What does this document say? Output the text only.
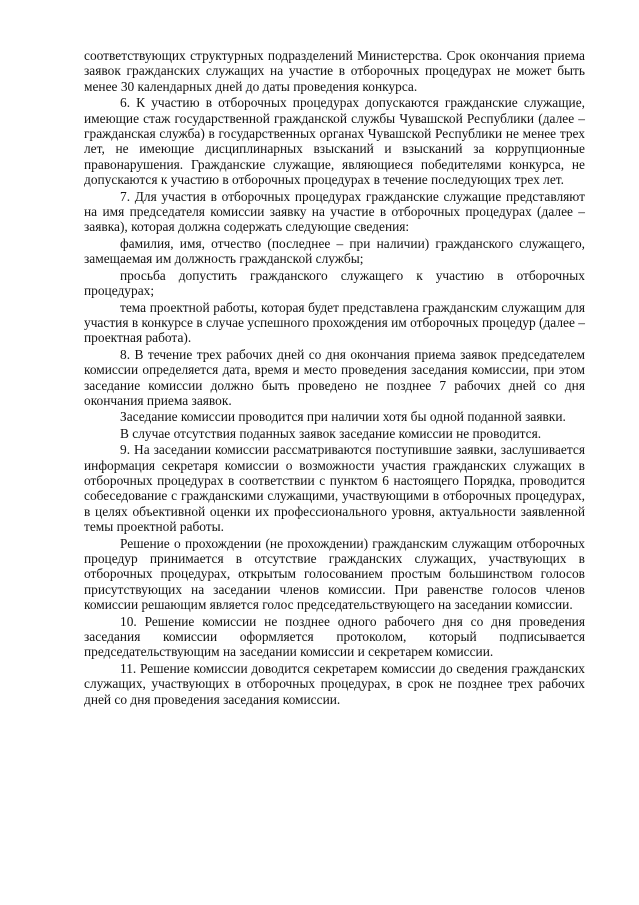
соответствующих структурных подразделений Министерства. Срок окончания приема заявок гражданских служащих на участие в отборочных процедурах не может быть менее 30 календарных дней до даты проведения конкурса.

6. К участию в отборочных процедурах допускаются гражданские служащие, имеющие стаж государственной гражданской службы Чувашской Республики (далее – гражданская служба) в государственных органах Чувашской Республики не менее трех лет, не имеющие дисциплинарных взысканий и взысканий за коррупционные правонарушения. Гражданские служащие, являющиеся победителями конкурса, не допускаются к участию в отборочных процедурах в течение последующих трех лет.

7. Для участия в отборочных процедурах гражданские служащие представляют на имя председателя комиссии заявку на участие в отборочных процедурах (далее – заявка), которая должна содержать следующие сведения:

фамилия, имя, отчество (последнее – при наличии) гражданского служащего, замещаемая им должность гражданской службы;

просьба допустить гражданского служащего к участию в отборочных процедурах;

тема проектной работы, которая будет представлена гражданским служащим для участия в конкурсе в случае успешного прохождения им отборочных процедур (далее – проектная работа).

8. В течение трех рабочих дней со дня окончания приема заявок председателем комиссии определяется дата, время и место проведения заседания комиссии, при этом заседание комиссии должно быть проведено не позднее 7 рабочих дней со дня окончания приема заявок.

Заседание комиссии проводится при наличии хотя бы одной поданной заявки.

В случае отсутствия поданных заявок заседание комиссии не проводится.

9. На заседании комиссии рассматриваются поступившие заявки, заслушивается информация секретаря комиссии о возможности участия гражданских служащих в отборочных процедурах в соответствии с пунктом 6 настоящего Порядка, проводится собеседование с гражданскими служащими, участвующими в отборочных процедурах, в целях объективной оценки их профессионального уровня, актуальности заявленной темы проектной работы.

Решение о прохождении (не прохождении) гражданским служащим отборочных процедур принимается в отсутствие гражданских служащих, участвующих в отборочных процедурах, открытым голосованием простым большинством голосов присутствующих на заседании членов комиссии. При равенстве голосов членов комиссии решающим является голос председательствующего на заседании комиссии.

10. Решение комиссии не позднее одного рабочего дня со дня проведения заседания комиссии оформляется протоколом, который подписывается председательствующим на заседании комиссии и секретарем комиссии.

11. Решение комиссии доводится секретарем комиссии до сведения гражданских служащих, участвующих в отборочных процедурах, в срок не позднее трех рабочих дней со дня проведения заседания комиссии.
